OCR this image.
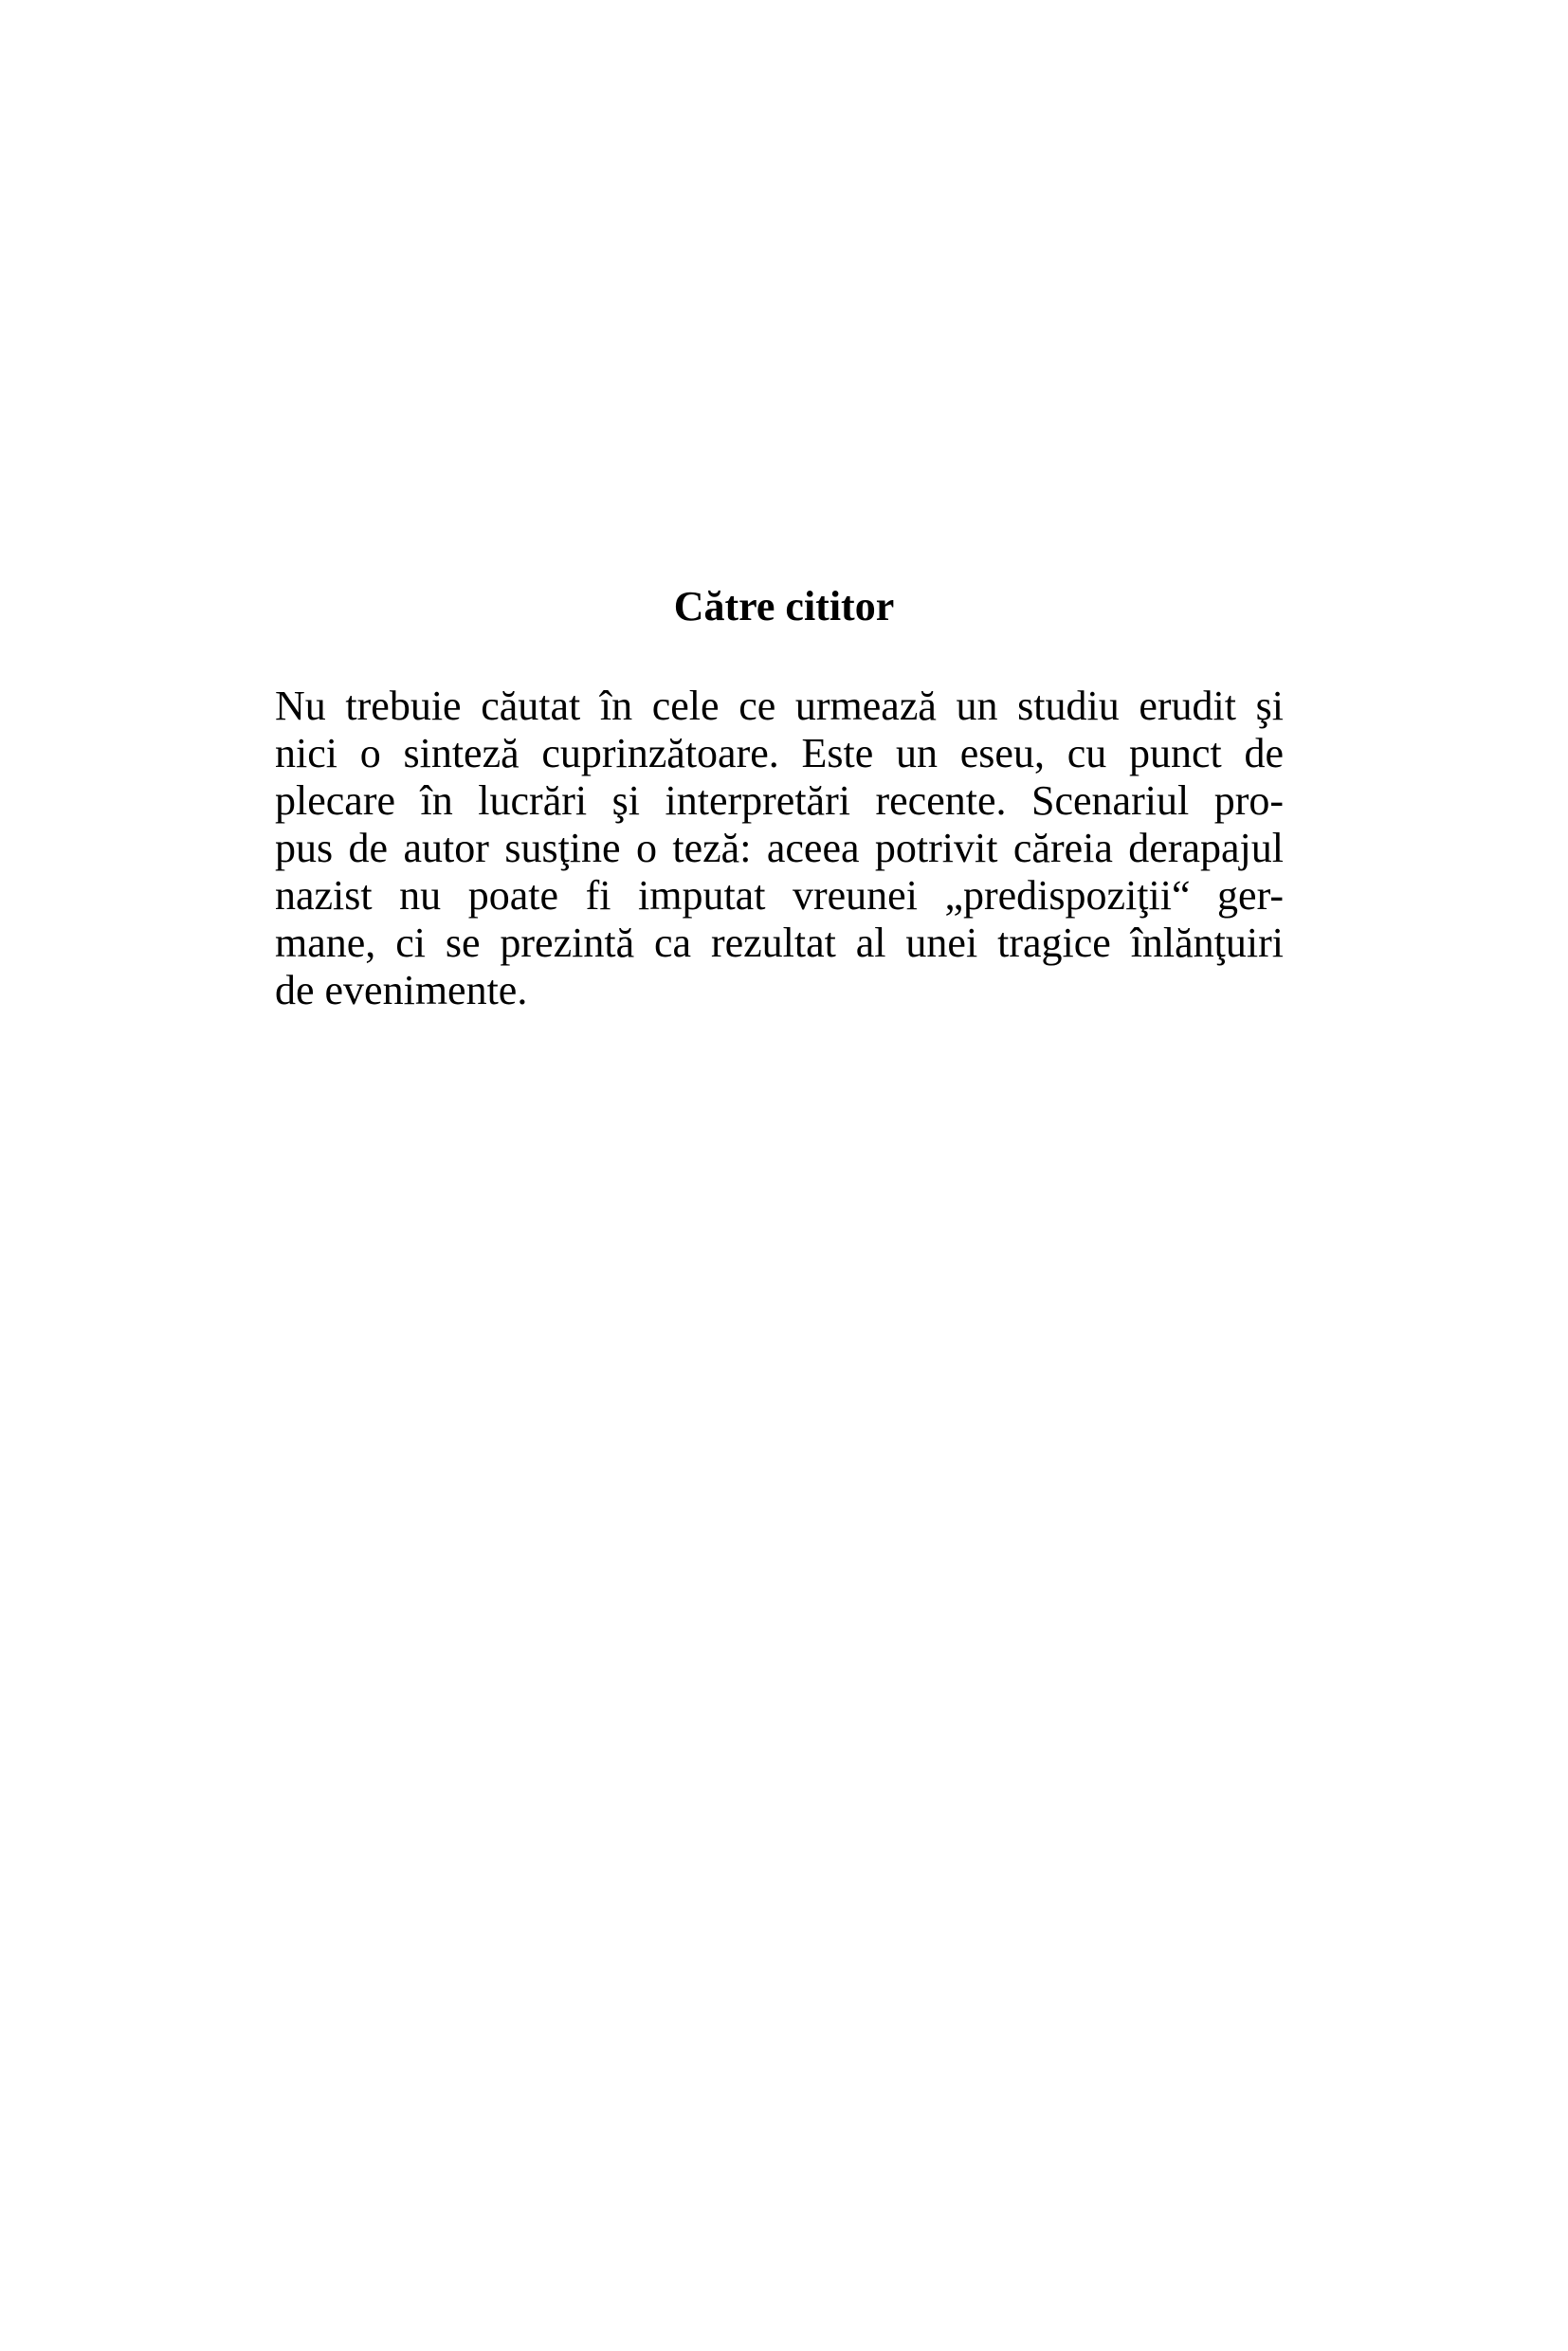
Către cititor
Nu trebuie căutat în cele ce urmează un studiu erudit şi
nici o sinteză cuprinzătoare. Este un eseu, cu punct de
plecare în lucrări şi interpretări recente. Scenariul pro-
pus de autor susţine o teză: aceea potrivit căreia derapajul
nazist nu poate fi imputat vreunei „predispoziţii“ ger-
mane, ci se prezintă ca rezultat al unei tragice înlănţuiri
de evenimente.
